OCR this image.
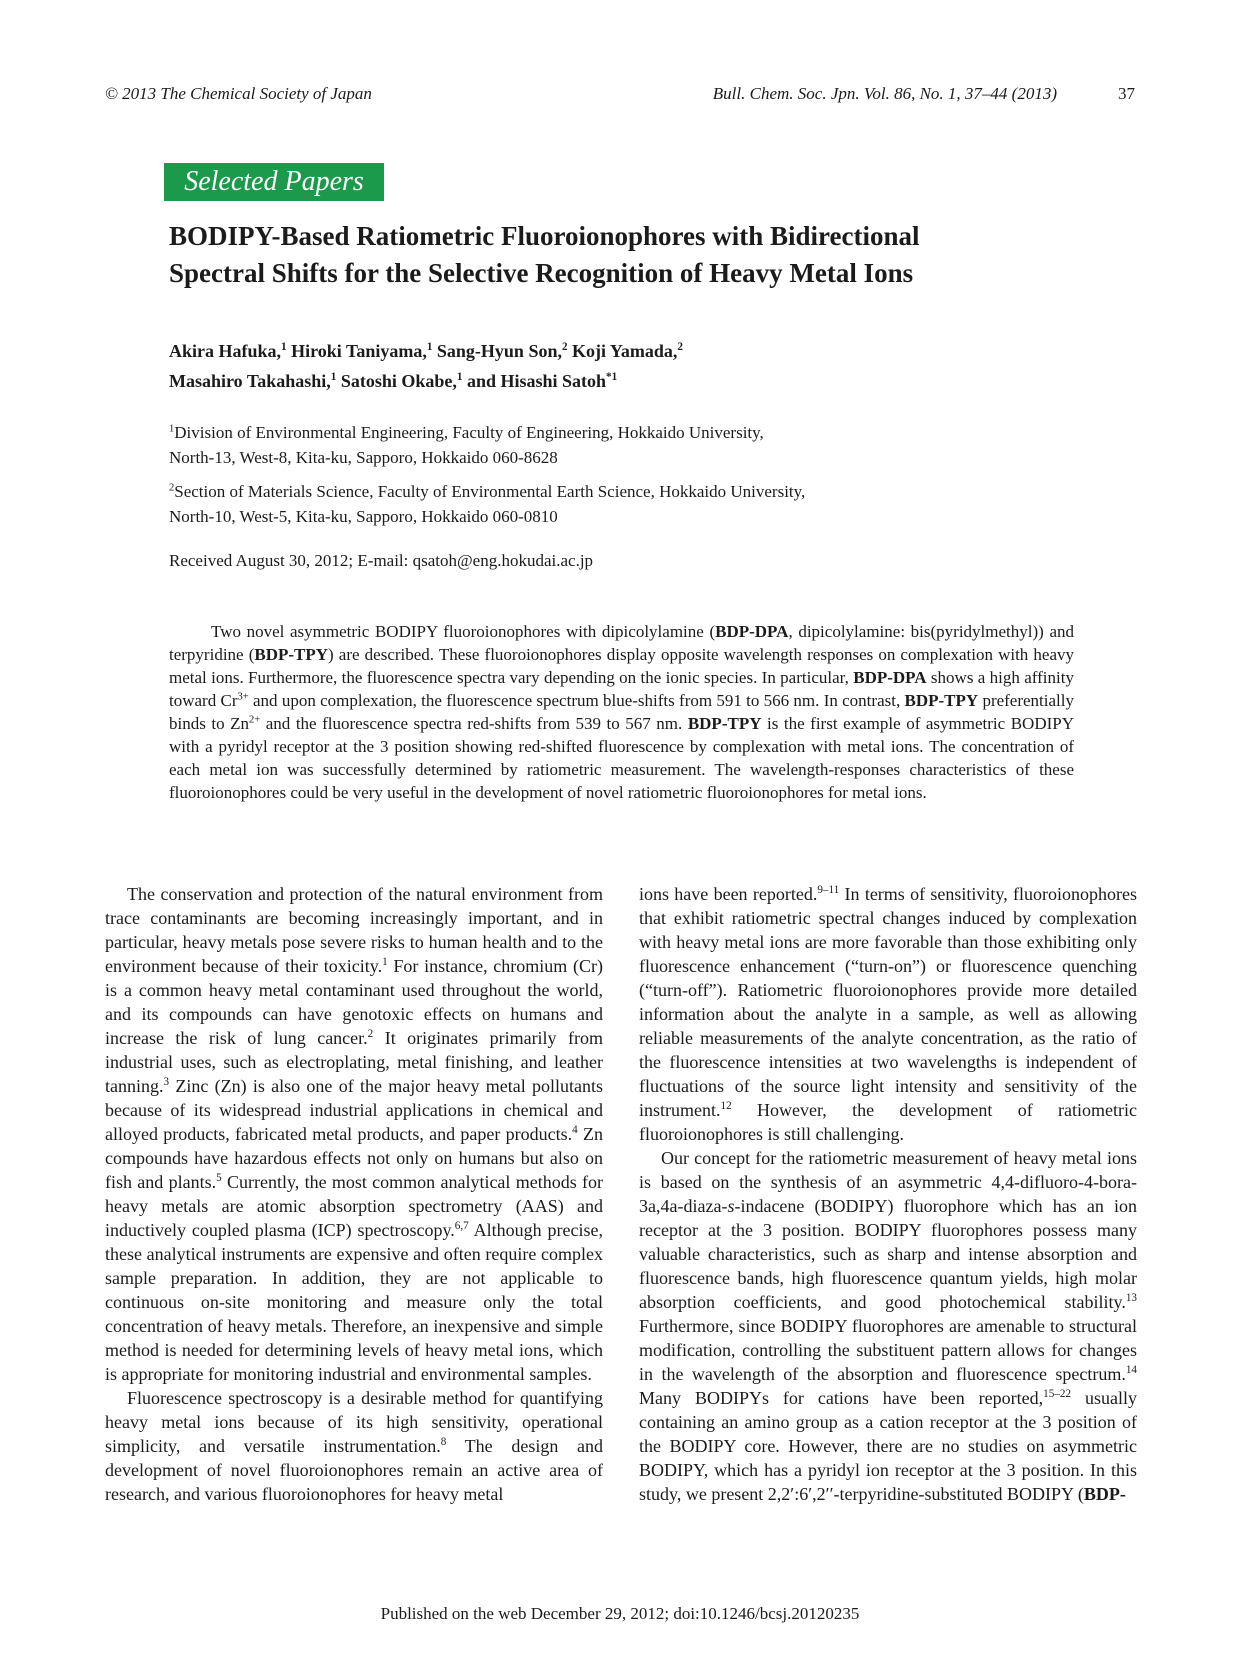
© 2013 The Chemical Society of Japan	Bull. Chem. Soc. Jpn. Vol. 86, No. 1, 37–44 (2013)	37
Selected Papers
BODIPY-Based Ratiometric Fluoroionophores with Bidirectional
Spectral Shifts for the Selective Recognition of Heavy Metal Ions
Akira Hafuka,$^1$ Hiroki Taniyama,$^1$ Sang-Hyun Son,$^2$ Koji Yamada,$^2$
Masahiro Takahashi,$^1$ Satoshi Okabe,$^1$ and Hisashi Satoh$^{*1}$
$^1$Division of Environmental Engineering, Faculty of Engineering, Hokkaido University,
North-13, West-8, Kita-ku, Sapporo, Hokkaido 060-8628
$^2$Section of Materials Science, Faculty of Environmental Earth Science, Hokkaido University,
North-10, West-5, Kita-ku, Sapporo, Hokkaido 060-0810
Received August 30, 2012; E-mail: qsatoh@eng.hokudai.ac.jp
Two novel asymmetric BODIPY fluoroionophores with dipicolylamine (BDP-DPA, dipicolylamine: bis(pyridylmethyl)) and terpyridine (BDP-TPY) are described. These fluoroionophores display opposite wavelength responses on complexation with heavy metal ions. Furthermore, the fluorescence spectra vary depending on the ionic species. In particular, BDP-DPA shows a high affinity toward $Cr^{3+}$ and upon complexation, the fluorescence spectrum blue-shifts from 591 to 566 nm. In contrast, BDP-TPY preferentially binds to $Zn^{2+}$ and the fluorescence spectra red-shifts from 539 to 567 nm. BDP-TPY is the first example of asymmetric BODIPY with a pyridyl receptor at the 3 position showing red-shifted fluorescence by complexation with metal ions. The concentration of each metal ion was successfully determined by ratiometric measurement. The wavelength-responses characteristics of these fluoroionophores could be very useful in the development of novel ratiometric fluoroionophores for metal ions.

The conservation and protection of the natural environment from trace contaminants are becoming increasingly important, and in particular, heavy metals pose severe risks to human health and to the environment because of their toxicity.$^1$ For instance, chromium (Cr) is a common heavy metal contaminant used throughout the world, and its compounds can have genotoxic effects on humans and increase the risk of lung cancer.$^2$ It originates primarily from industrial uses, such as electroplating, metal finishing, and leather tanning.$^3$ Zinc (Zn) is also one of the major heavy metal pollutants because of its widespread industrial applications in chemical and alloyed products, fabricated metal products, and paper products.$^4$ Zn compounds have hazardous effects not only on humans but also on fish and plants.$^5$ Currently, the most common analytical methods for heavy metals are atomic absorption spectrometry (AAS) and inductively coupled plasma (ICP) spectroscopy.$^{6,7}$ Although precise, these analytical instruments are expensive and often require complex sample preparation. In addition, they are not applicable to continuous on-site monitoring and measure only the total concentration of heavy metals. Therefore, an inexpensive and simple method is needed for determining levels of heavy metal ions, which is appropriate for monitoring industrial and environmental samples.

Fluorescence spectroscopy is a desirable method for quantifying heavy metal ions because of its high sensitivity, operational simplicity, and versatile instrumentation.$^8$ The design and development of novel fluoroionophores remain an active area of research, and various fluoroionophores for heavy metal

ions have been reported.$^{9-11}$ In terms of sensitivity, fluoroionophores that exhibit ratiometric spectral changes induced by complexation with heavy metal ions are more favorable than those exhibiting only fluorescence enhancement (“turn-on”) or fluorescence quenching (“turn-off”). Ratiometric fluoroionophores provide more detailed information about the analyte in a sample, as well as allowing reliable measurements of the analyte concentration, as the ratio of the fluorescence intensities at two wavelengths is independent of fluctuations of the source light intensity and sensitivity of the instrument.$^{12}$ However, the development of ratiometric fluoroionophores is still challenging.

Our concept for the ratiometric measurement of heavy metal ions is based on the synthesis of an asymmetric 4,4-difluoro-4-bora-3a,4a-diaza-s-indacene (BODIPY) fluorophore which has an ion receptor at the 3 position. BODIPY fluorophores possess many valuable characteristics, such as sharp and intense absorption and fluorescence bands, high fluorescence quantum yields, high molar absorption coefficients, and good photochemical stability.$^{13}$ Furthermore, since BODIPY fluorophores are amenable to structural modification, controlling the substituent pattern allows for changes in the wavelength of the absorption and fluorescence spectrum.$^{14}$ Many BODIPYs for cations have been reported,$^{15-22}$ usually containing an amino group as a cation receptor at the 3 position of the BODIPY core. However, there are no studies on asymmetric BODIPY, which has a pyridyl ion receptor at the 3 position. In this study, we present 2,2′:6′,2′′-terpyridine-substituted BODIPY (BDP-

Published on the web December 29, 2012; doi:10.1246/bcsj.20120235
